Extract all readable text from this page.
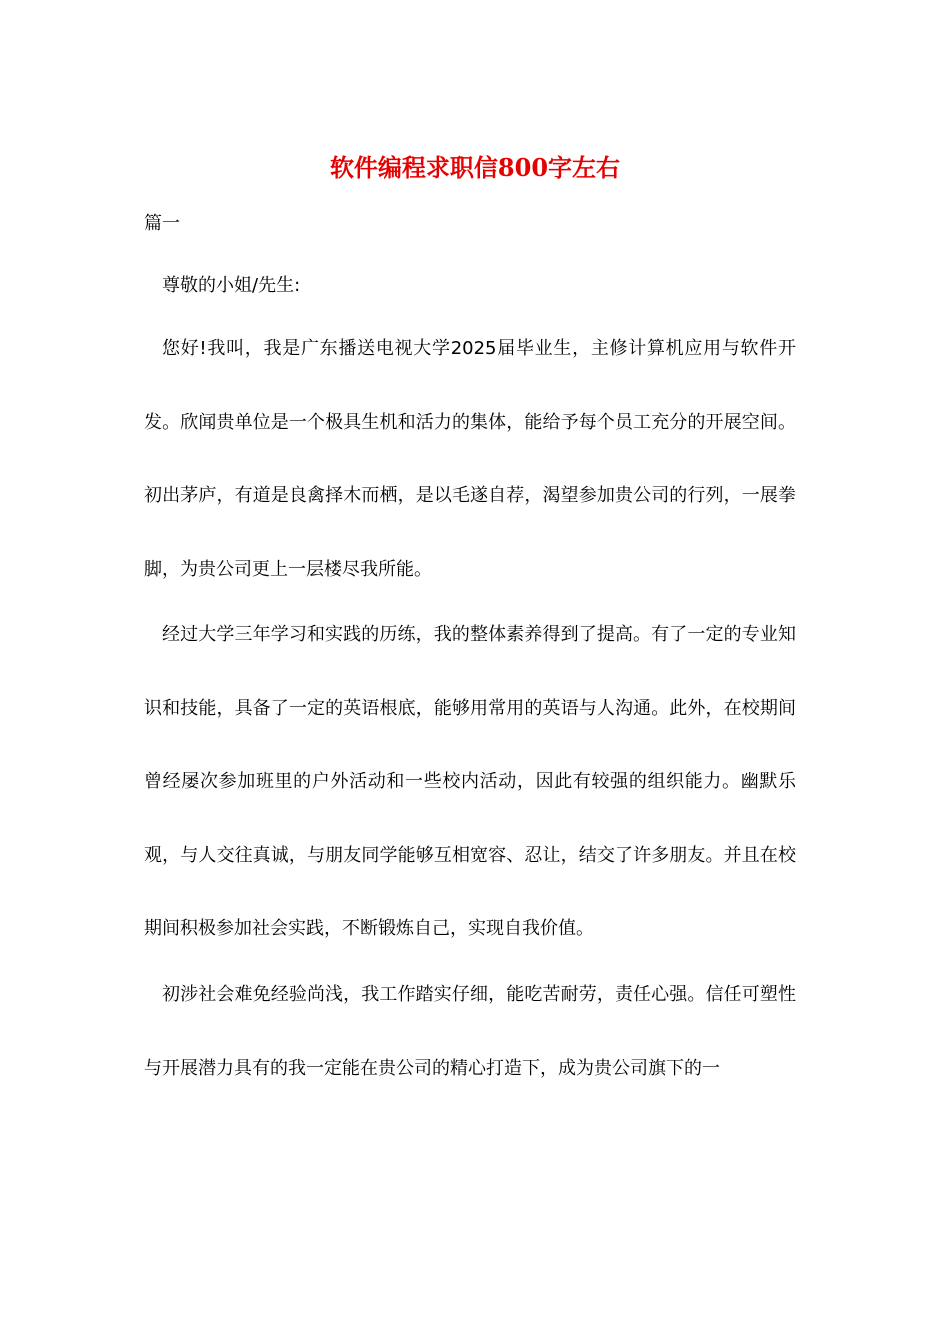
软件编程求职信800字左右
篇一
尊敬的小姐/先生:

您好!我叫，我是广东播送电视大学2025届毕业生，主修计算机应用与软件开发。欣闻贵单位是一个极具生机和活力的集体，能给予每个员工充分的开展空间。初出茅庐，有道是良禽择木而栖，是以毛遂自荐，渴望参加贵公司的行列，一展拳脚，为贵公司更上一层楼尽我所能。

经过大学三年学习和实践的历练，我的整体素养得到了提高。有了一定的专业知识和技能，具备了一定的英语根底，能够用常用的英语与人沟通。此外，在校期间曾经屡次参加班里的户外活动和一些校内活动，因此有较强的组织能力。幽默乐观，与人交往真诚，与朋友同学能够互相宽容、忍让，结交了许多朋友。并且在校期间积极参加社会实践，不断锻炼自己，实现自我价值。

初涉社会难免经验尚浅，我工作踏实仔细，能吃苦耐劳，责任心强。信任可塑性与开展潜力具有的我一定能在贵公司的精心打造下，成为贵公司旗下的一
